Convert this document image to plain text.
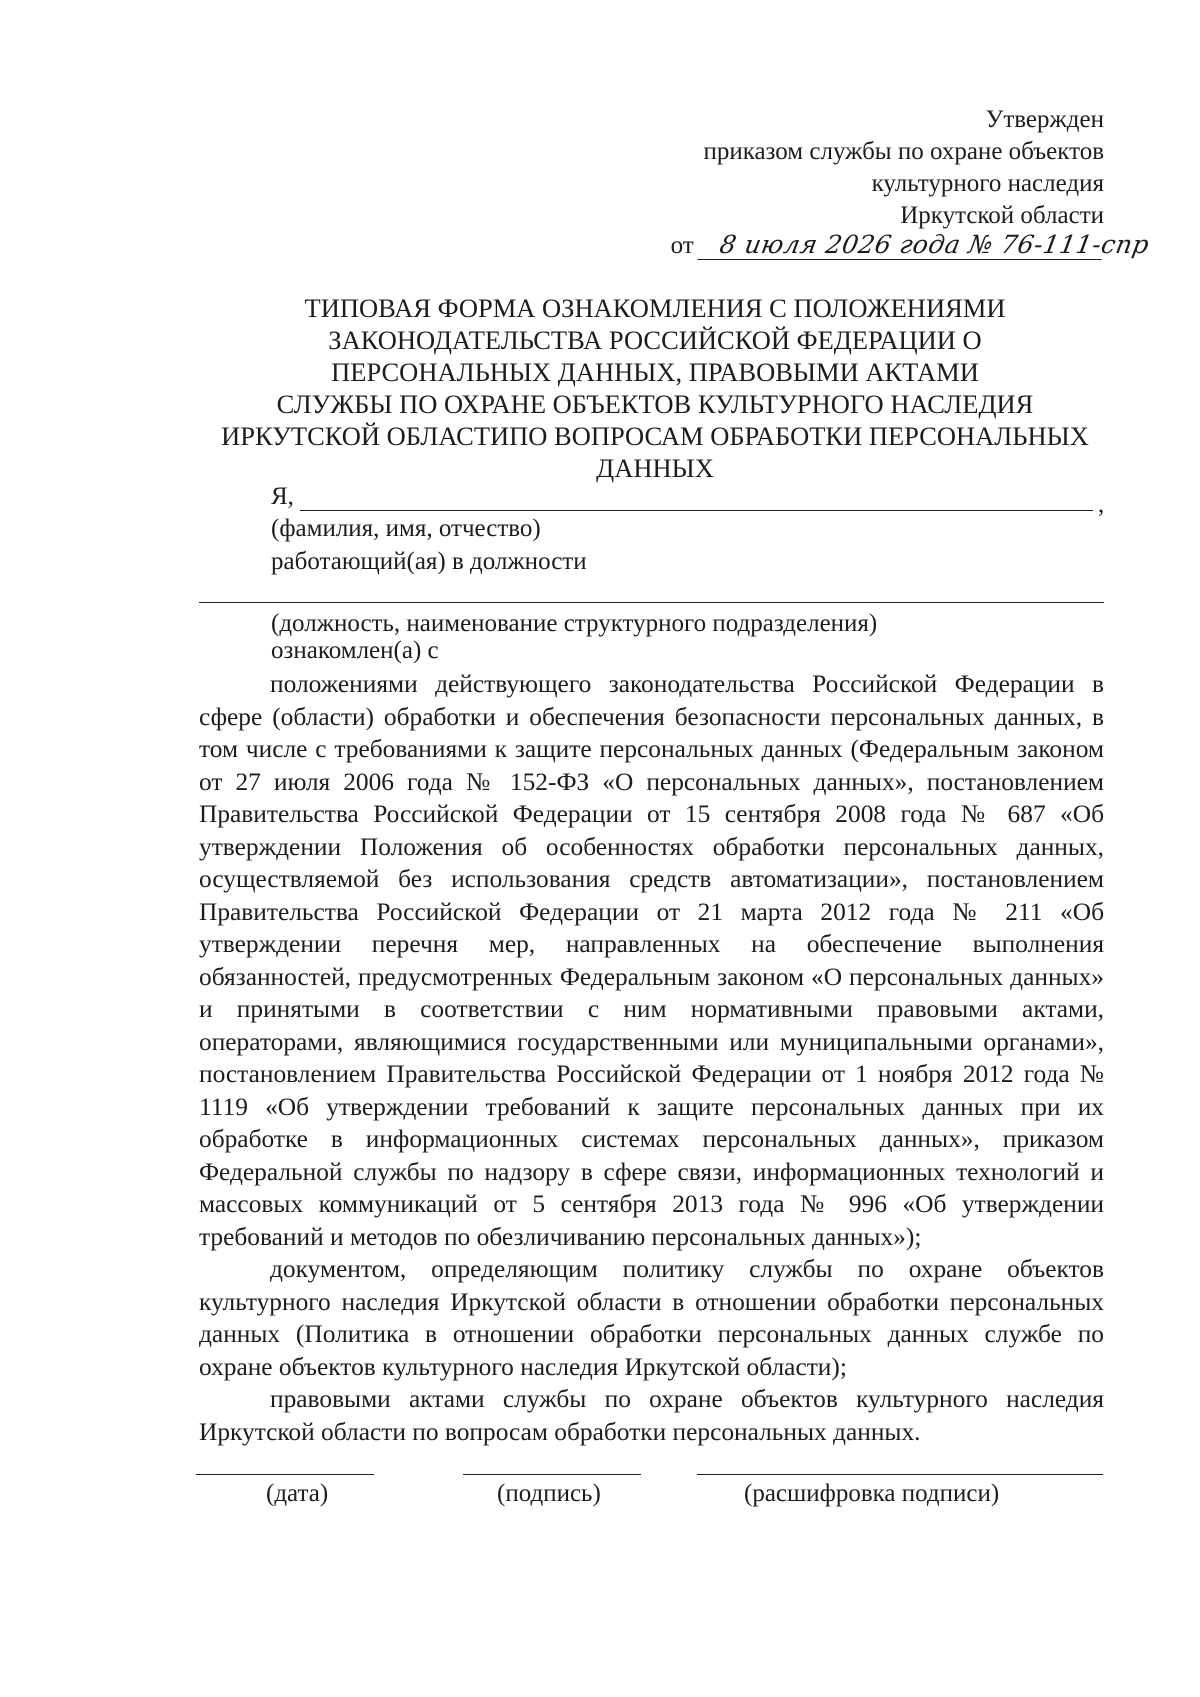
Утвержден
приказом службы по охране объектов
культурного наследия
Иркутской области
от 8 июля 2026 года № 76-111-спр
ТИПОВАЯ ФОРМА ОЗНАКОМЛЕНИЯ С ПОЛОЖЕНИЯМИ
ЗАКОНОДАТЕЛЬСТВА РОССИЙСКОЙ ФЕДЕРАЦИИ О
ПЕРСОНАЛЬНЫХ ДАННЫХ, ПРАВОВЫМИ АКТАМИ
СЛУЖБЫ ПО ОХРАНЕ ОБЪЕКТОВ КУЛЬТУРНОГО НАСЛЕДИЯ
ИРКУТСКОЙ ОБЛАСТИПО ВОПРОСАМ ОБРАБОТКИ ПЕРСОНАЛЬНЫХ
ДАННЫХ
Я,	,
(фамилия, имя, отчество)
работающий(ая) в должности
(должность, наименование структурного подразделения)
ознакомлен(а) с

положениями действующего законодательства Российской Федерации в сфере (области) обработки и обеспечения безопасности персональных данных, в том числе с требованиями к защите персональных данных (Федеральным законом от 27 июля 2006 года № 152-ФЗ «О персональных данных», постановлением Правительства Российской Федерации от 15 сентября 2008 года № 687 «Об утверждении Положения об особенностях обработки персональных данных, осуществляемой без использования средств автоматизации», постановлением Правительства Российской Федерации от 21 марта 2012 года № 211 «Об утверждении перечня мер, направленных на обеспечение выполнения обязанностей, предусмотренных Федеральным законом «О персональных данных» и принятыми в соответствии с ним нормативными правовыми актами, операторами, являющимися государственными или муниципальными органами», постановлением Правительства Российской Федерации от 1 ноября 2012 года № 1119 «Об утверждении требований к защите персональных данных при их обработке в информационных системах персональных данных», приказом Федеральной службы по надзору в сфере связи, информационных технологий и массовых коммуникаций от 5 сентября 2013 года № 996 «Об утверждении требований и методов по обезличиванию персональных данных»);

документом, определяющим политику службы по охране объектов культурного наследия Иркутской области в отношении обработки персональных данных (Политика в отношении обработки персональных данных службе по охране объектов культурного наследия Иркутской области);

правовыми актами службы по охране объектов культурного наследия Иркутской области по вопросам обработки персональных данных.

(дата)	(подпись)	(расшифровка подписи)
